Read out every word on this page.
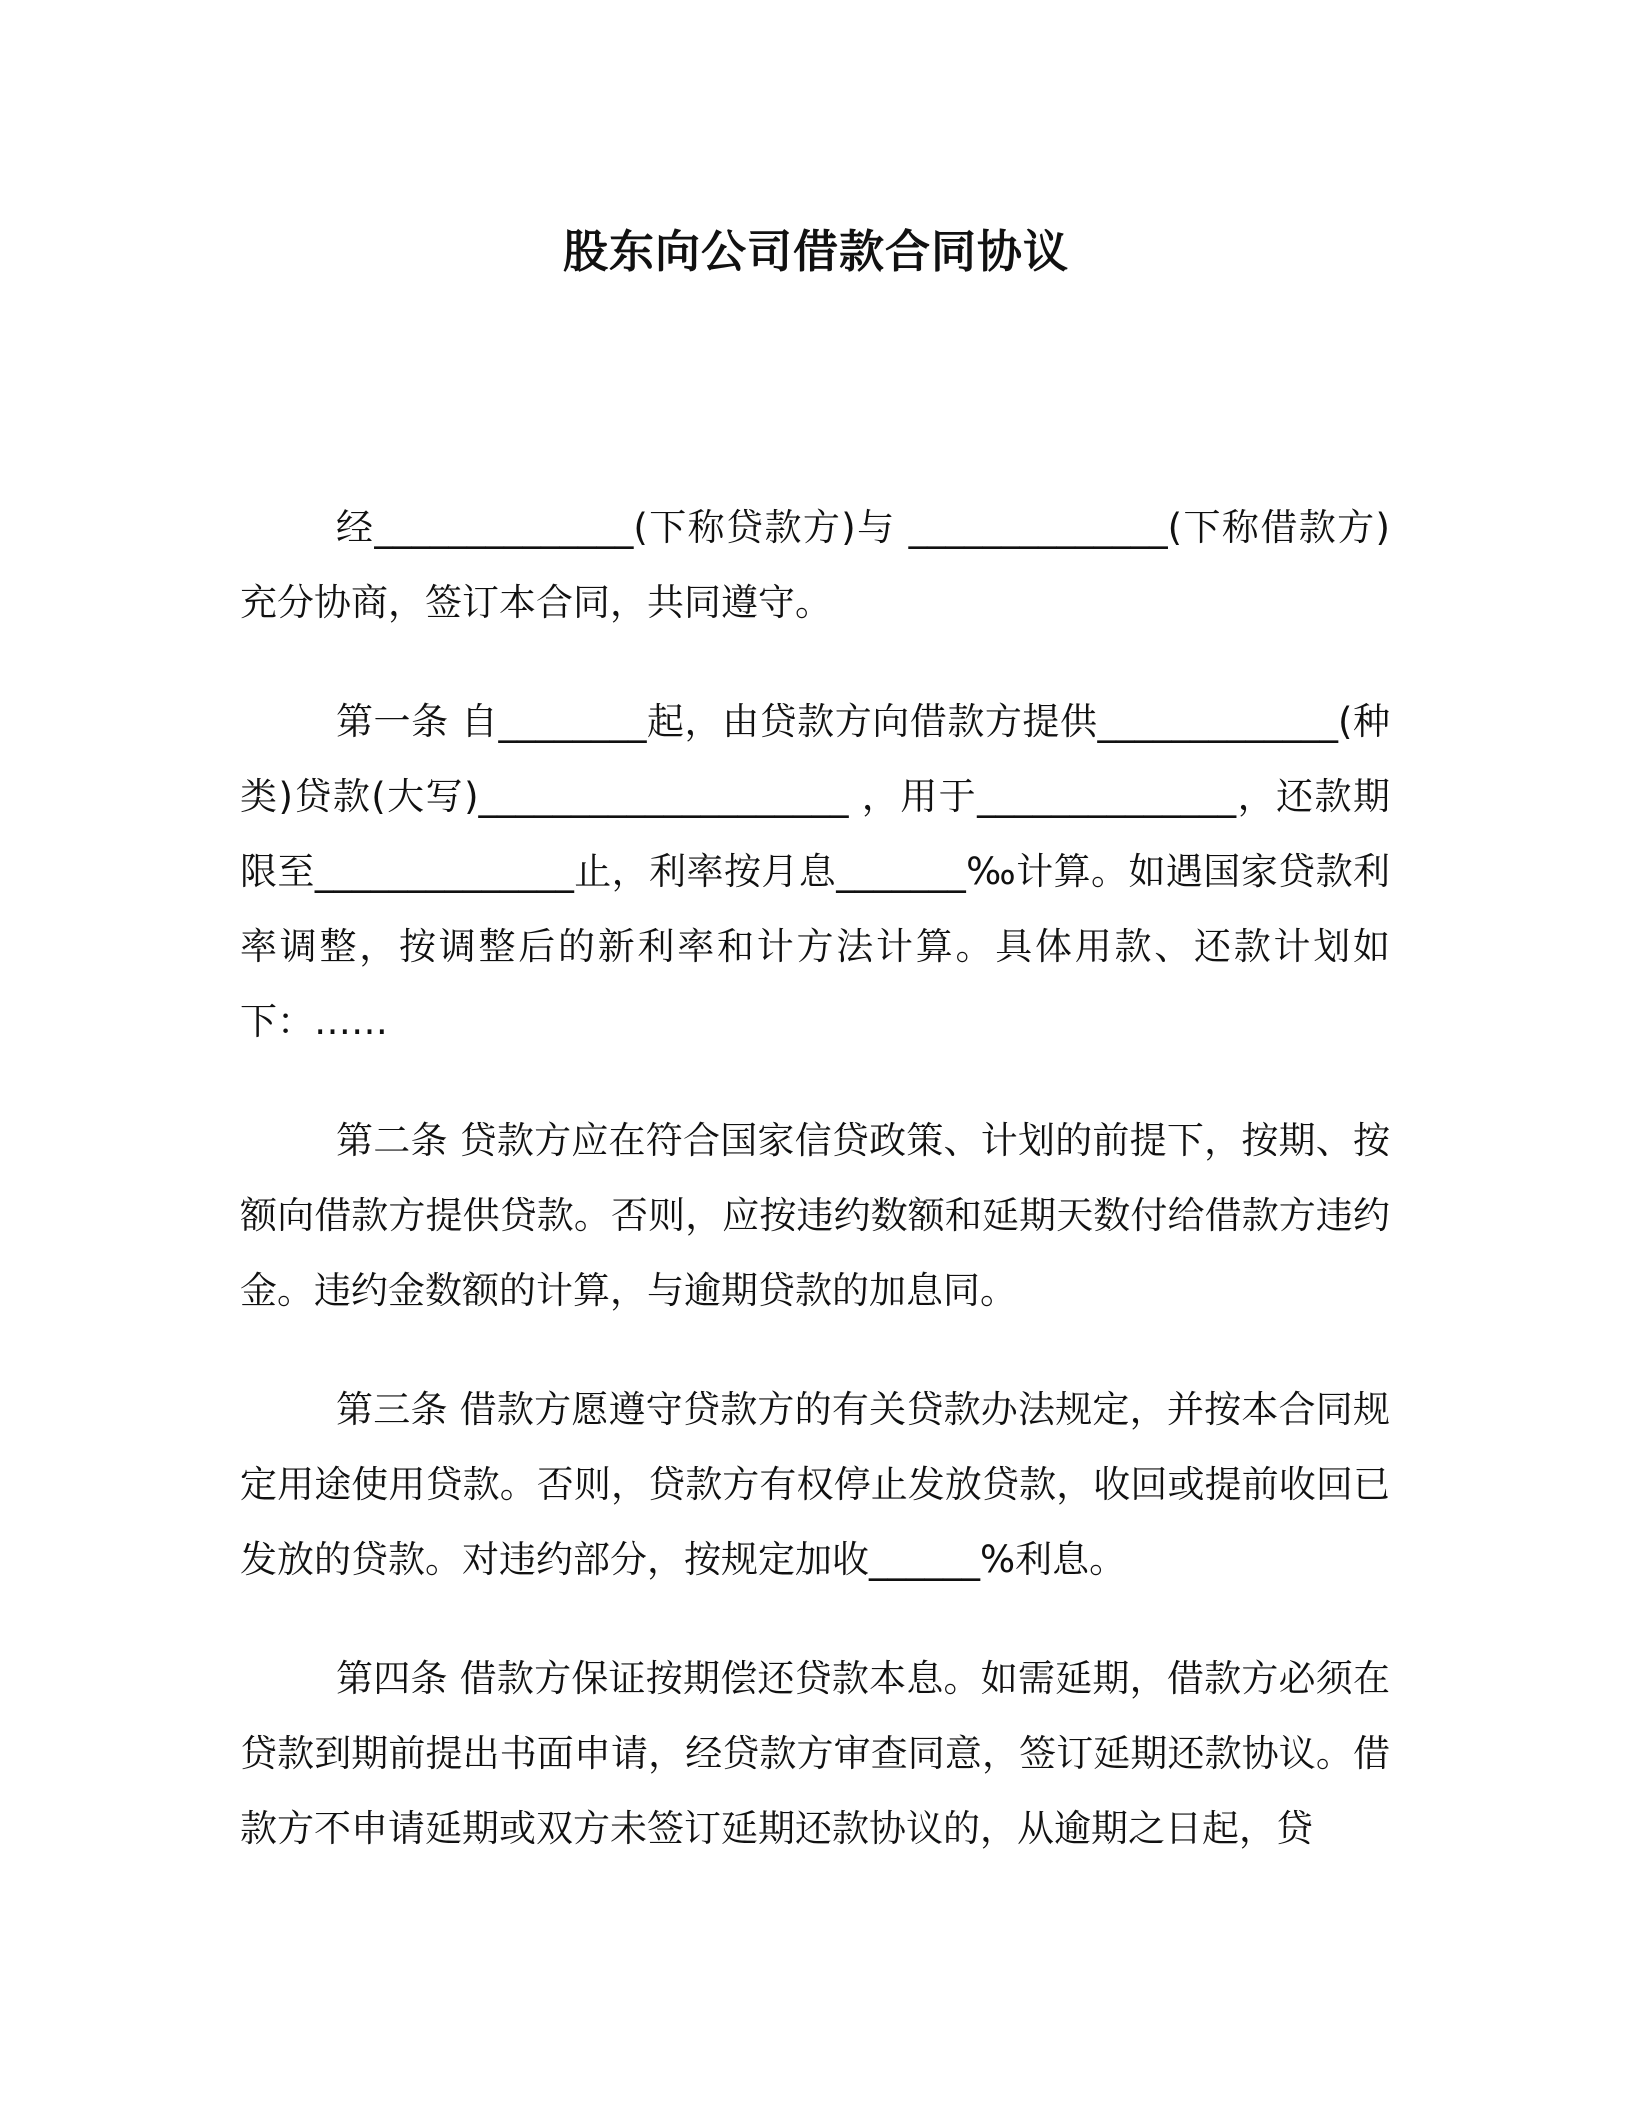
股东向公司借款合同协议

经______________(下称贷款方)与 ______________(下称借款方)充分协商，签订本合同，共同遵守。

第一条 自________起，由贷款方向借款方提供_____________(种类)贷款(大写)____________________ ，用于______________，还款期限至______________止，利率按月息_______‰计算。如遇国家贷款利率调整，按调整后的新利率和计方法计算。具体用款、还款计划如下：……

第二条 贷款方应在符合国家信贷政策、计划的前提下，按期、按额向借款方提供贷款。否则，应按违约数额和延期天数付给借款方违约金。违约金数额的计算，与逾期贷款的加息同。

第三条 借款方愿遵守贷款方的有关贷款办法规定，并按本合同规定用途使用贷款。否则，贷款方有权停止发放贷款，收回或提前收回已发放的贷款。对违约部分，按规定加收______%利息。

第四条 借款方保证按期偿还贷款本息。如需延期，借款方必须在贷款到期前提出书面申请，经贷款方审查同意，签订延期还款协议。借款方不申请延期或双方未签订延期还款协议的，从逾期之日起，贷
